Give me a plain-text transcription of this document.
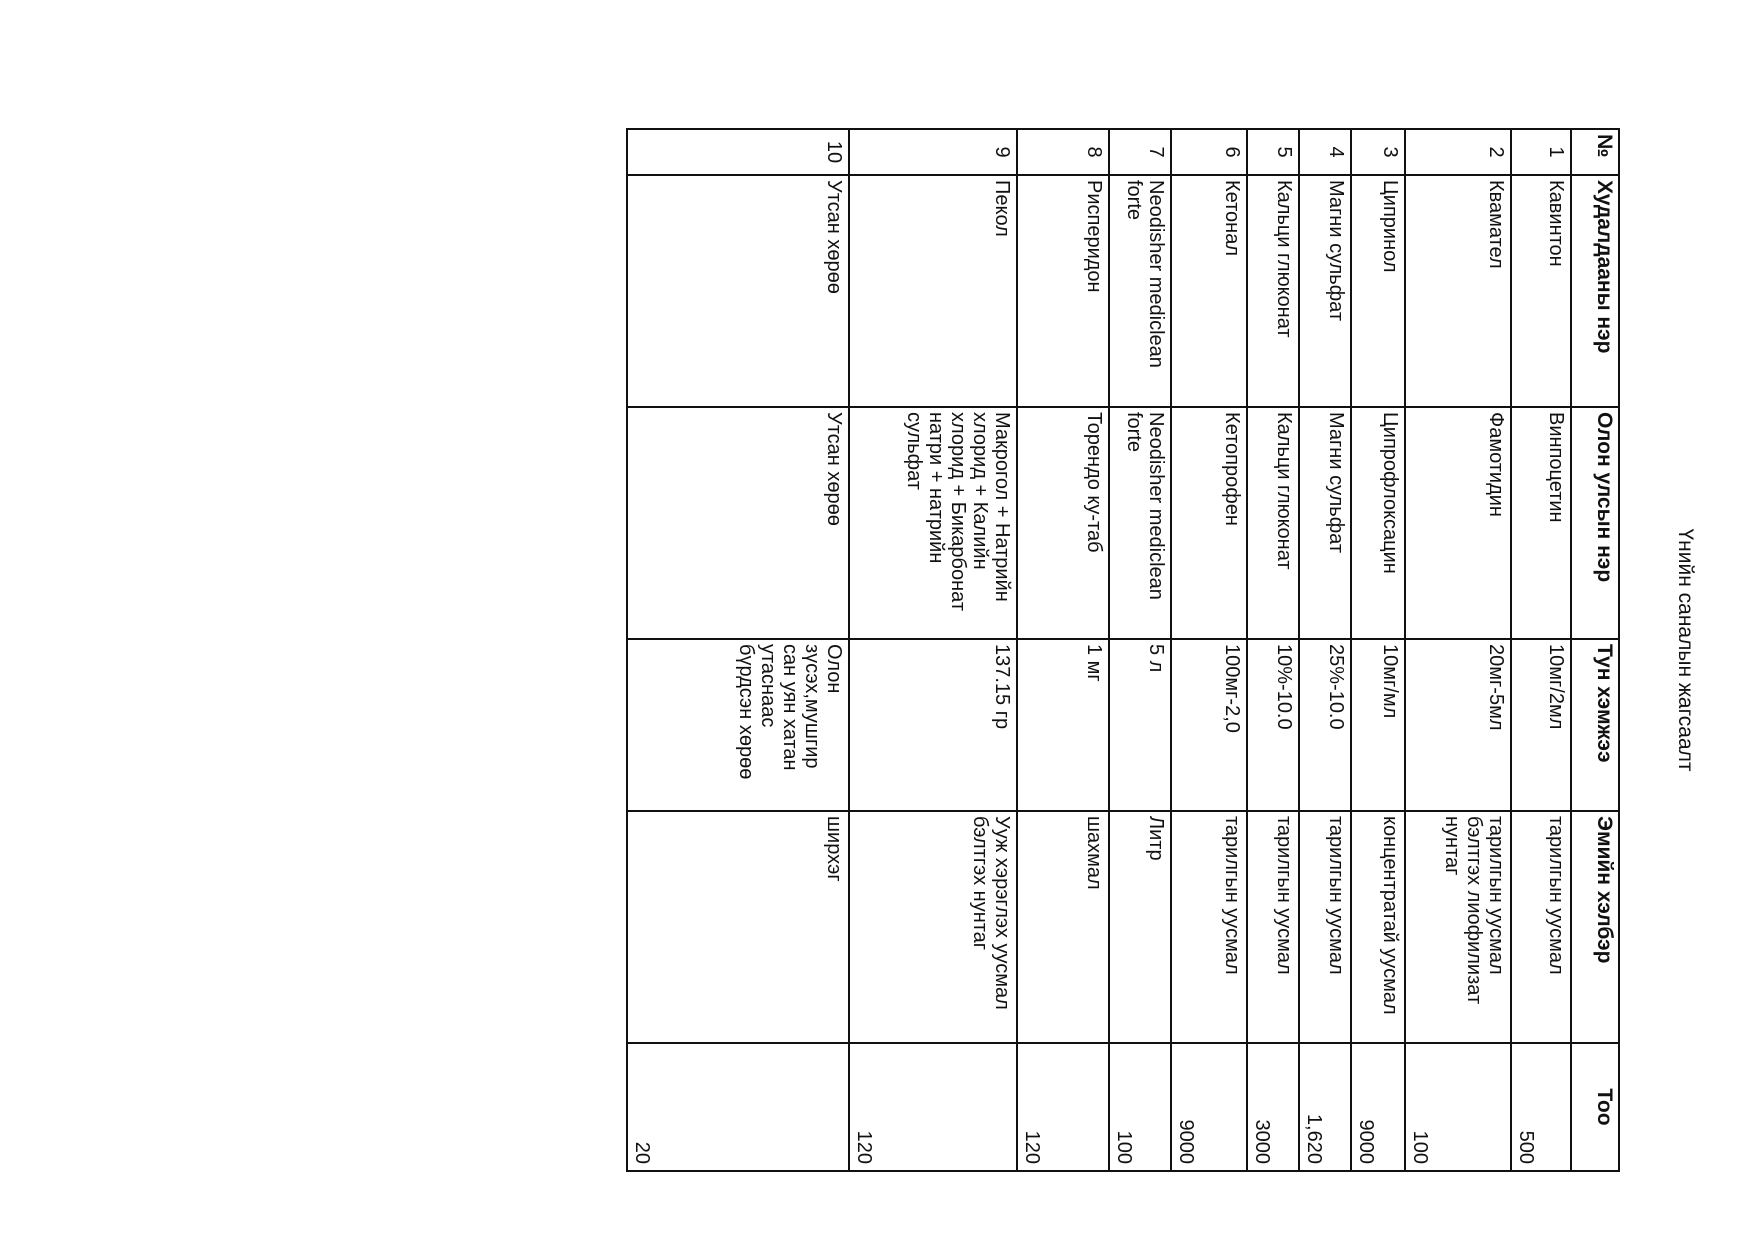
Үнийн саналын жагсаалт
№	Худалдааны нэр	Олон улсын нэр	Тун хэмжээ	Эмийн хэлбэр	Тоо
1	Кавинтон	Винпоцетин	10мг/2мл	тарилгын уусмал	500
2	Квамател	Фамотидин	20мг-5мл	тарилгын уусмал бэлтгэх лиофилизат нунтаг	100
3	Ципринол	Ципрофлоксацин	10мг/мл	концентратай уусмал	9000
4	Магни сульфат	Магни сульфат	25%-10.0	тарилгын уусмал	1,620
5	Кальци глюконат	Кальци глюконат	10%-10.0	тарилгын уусмал	3000
6	Кетонал	Кетопрофен	100мг-2,0	тарилгын уусмал	9000
7	Neodisher mediclean forte	Neodisher mediclean forte	5 л	Литр	100
8	Рисперидон	Торендо ку-таб	1 мг	шахмал	120
9	Пекол	Макрогол + Натрийн хлорид + Калийн хлорид + Бикарбонат натри + натрийн сульфат	137.15 гр	Ууж хэрэглэх уусмал бэлтгэх нунтаг	120
10	Утсан хөрөө	Утсан хөрөө	Олон зүсэх,мушгир сан уян хатан утаснаас бүрдсэн хөрөө	ширхэг	20
